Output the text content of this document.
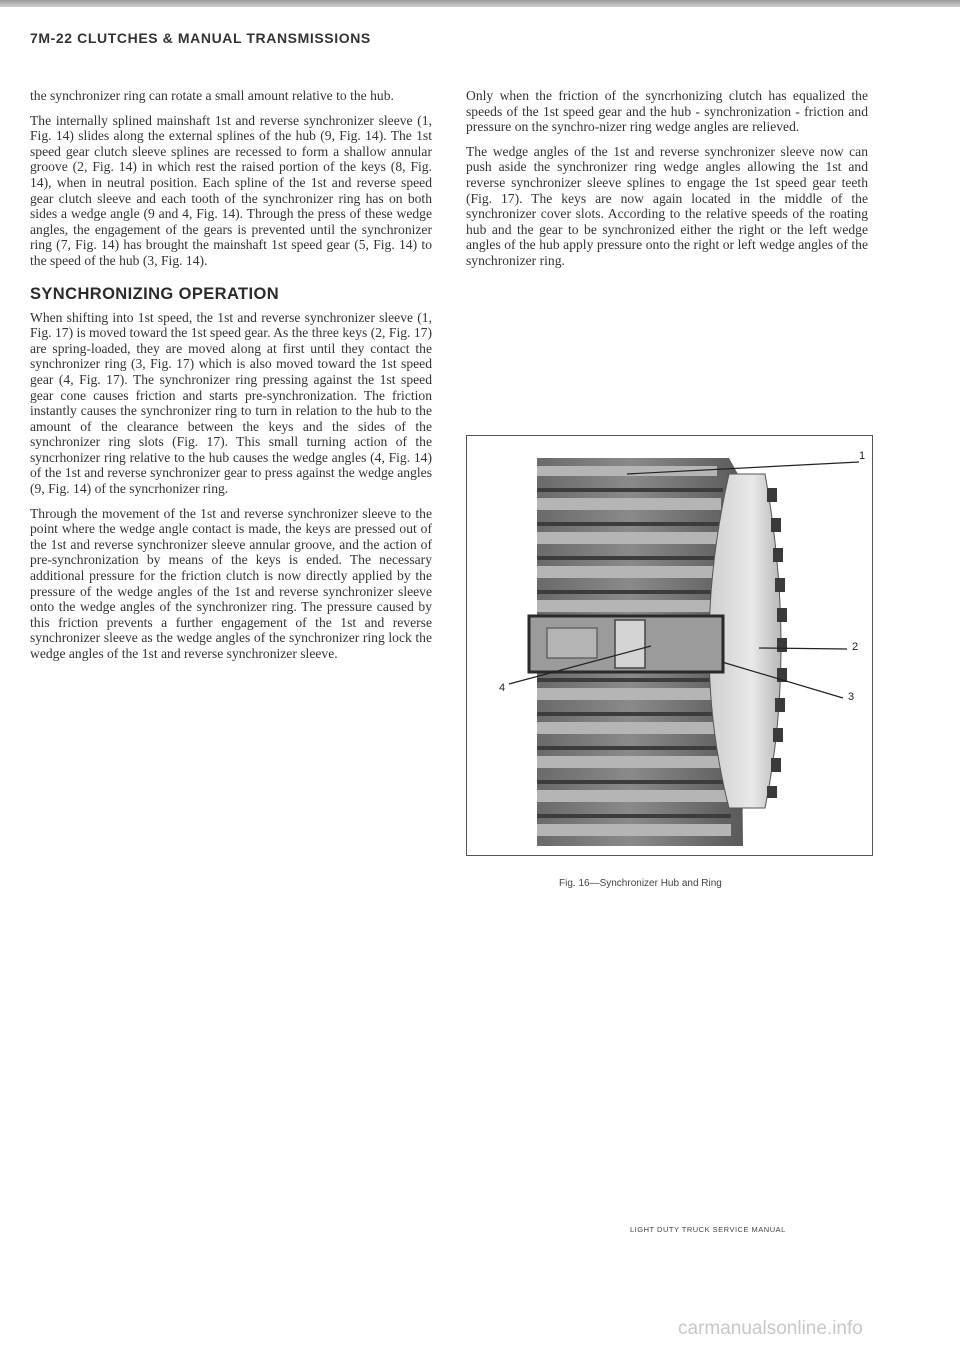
7M-22 CLUTCHES & MANUAL TRANSMISSIONS

the synchronizer ring can rotate a small amount relative to the hub.

The internally splined mainshaft 1st and reverse synchronizer sleeve (1, Fig. 14) slides along the external splines of the hub (9, Fig. 14). The 1st speed gear clutch sleeve splines are recessed to form a shallow annular groove (2, Fig. 14) in which rest the raised portion of the keys (8, Fig. 14), when in neutral position. Each spline of the 1st and reverse speed gear clutch sleeve and each tooth of the synchronizer ring has on both sides a wedge angle (9 and 4, Fig. 14). Through the press of these wedge angles, the engagement of the gears is prevented until the synchronizer ring (7, Fig. 14) has brought the mainshaft 1st speed gear (5, Fig. 14) to the speed of the hub (3, Fig. 14).

SYNCHRONIZING OPERATION

When shifting into 1st speed, the 1st and reverse synchronizer sleeve (1, Fig. 17) is moved toward the 1st speed gear. As the three keys (2, Fig. 17) are spring-loaded, they are moved along at first until they contact the synchronizer ring (3, Fig. 17) which is also moved toward the 1st speed gear (4, Fig. 17). The synchronizer ring pressing against the 1st speed gear cone causes friction and starts pre-synchronization. The friction instantly causes the synchronizer ring to turn in relation to the hub to the amount of the clearance between the keys and the sides of the synchronizer ring slots (Fig. 17). This small turning action of the syncrhonizer ring relative to the hub causes the wedge angles (4, Fig. 14) of the 1st and reverse synchronizer gear to press against the wedge angles (9, Fig. 14) of the syncrhonizer ring.

Through the movement of the 1st and reverse synchronizer sleeve to the point where the wedge angle contact is made, the keys are pressed out of the 1st and reverse synchronizer sleeve annular groove, and the action of pre-synchronization by means of the keys is ended. The necessary additional pressure for the friction clutch is now directly applied by the pressure of the wedge angles of the 1st and reverse synchronizer sleeve onto the wedge angles of the synchronizer ring. The pressure caused by this friction prevents a further engagement of the 1st and reverse synchronizer sleeve as the wedge angles of the synchronizer ring lock the wedge angles of the 1st and reverse synchronizer sleeve.

Only when the friction of the syncrhonizing clutch has equalized the speeds of the 1st speed gear and the hub - synchronization - friction and pressure on the synchro-nizer ring wedge angles are relieved.

The wedge angles of the 1st and reverse synchronizer sleeve now can push aside the synchronizer ring wedge angles allowing the 1st and reverse synchronizer sleeve splines to engage the 1st speed gear teeth (Fig. 17). The keys are now again located in the middle of the synchronizer cover slots. According to the relative speeds of the roating hub and the gear to be synchronized either the right or the left wedge angles of the hub apply pressure onto the right or left wedge angles of the synchronizer ring.

1
2
3
4

Fig. 16—Synchronizer Hub and Ring

LIGHT DUTY TRUCK SERVICE MANUAL

carmanualsonline.info
